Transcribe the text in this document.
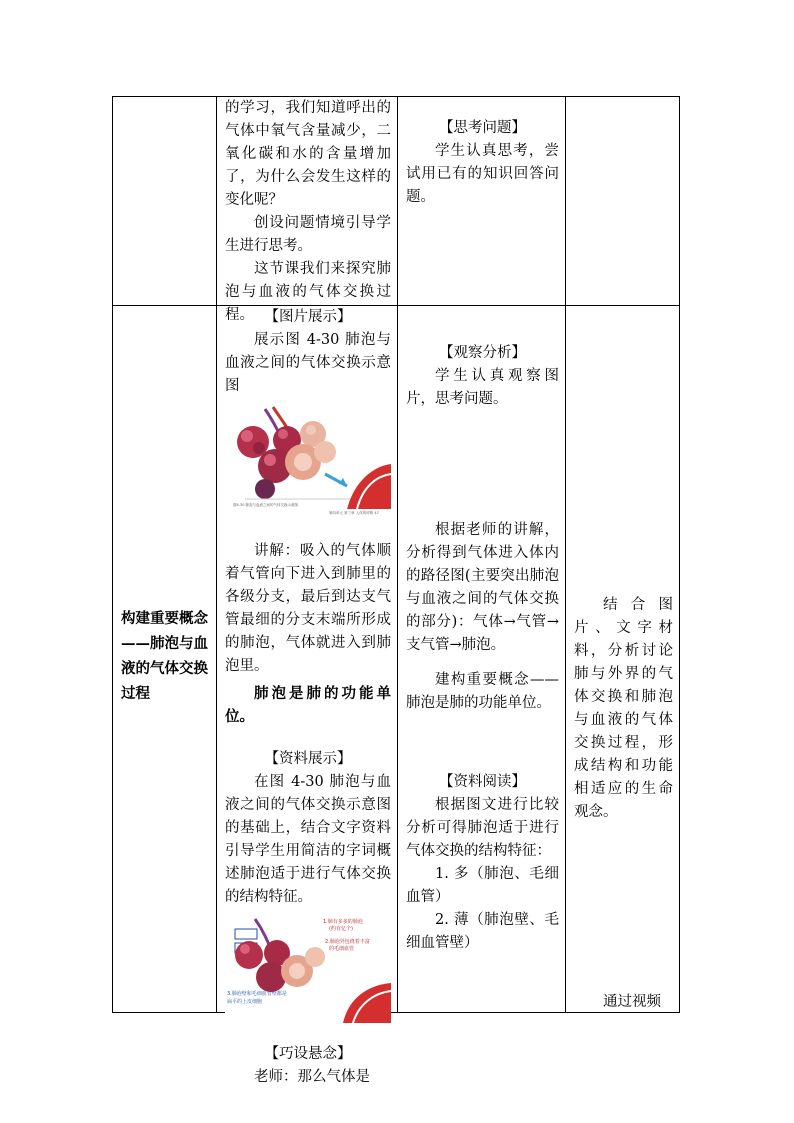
的学习，我们知道呼出的气体中氧气含量减少，二氧化碳和水的含量增加了，为什么会发生这样的变化呢？

创设问题情境引导学生进行思考。

这节课我们来探究肺泡与血液的气体交换过程。

【思考问题】

学生认真思考，尝试用已有的知识回答问题。

构建重要概念——肺泡与血液的气体交换过程

【图片展示】

展示图 4-30 肺泡与血液之间的气体交换示意图

图4-30 肺泡与血液之间的气体交换示意图
第四单元 第三章 人体的呼吸 47

讲解：吸入的气体顺着气管向下进入到肺里的各级分支，最后到达支气管最细的分支末端所形成的肺泡，气体就进入到肺泡里。

肺泡是肺的功能单位。

【资料展示】

在图 4-30 肺泡与血液之间的气体交换示意图的基础上，结合文字资料引导学生用简洁的字词概述肺泡适于进行气体交换的结构特征。

1.肺有多多的肺泡
(约有亿个)
2.肺泡外包绕着丰富
的毛细血管
3.肺泡壁和毛细血管壁都是
扁平的上皮细胞

【巧设悬念】

老师：那么气体是

【观察分析】

学生认真观察图片，思考问题。

根据老师的讲解，分析得到气体进入体内的路径图(主要突出肺泡与血液之间的气体交换的部分)：气体→气管→支气管→肺泡。

建构重要概念——肺泡是肺的功能单位。

【资料阅读】

根据图文进行比较分析可得肺泡适于进行气体交换的结构特征：

1. 多（肺泡、毛细血管）

2. 薄（肺泡壁、毛细血管壁）

结合图片、文字材料，分析讨论肺与外界的气体交换和肺泡与血液的气体交换过程，形成结构和功能相适应的生命观念。

通过视频
